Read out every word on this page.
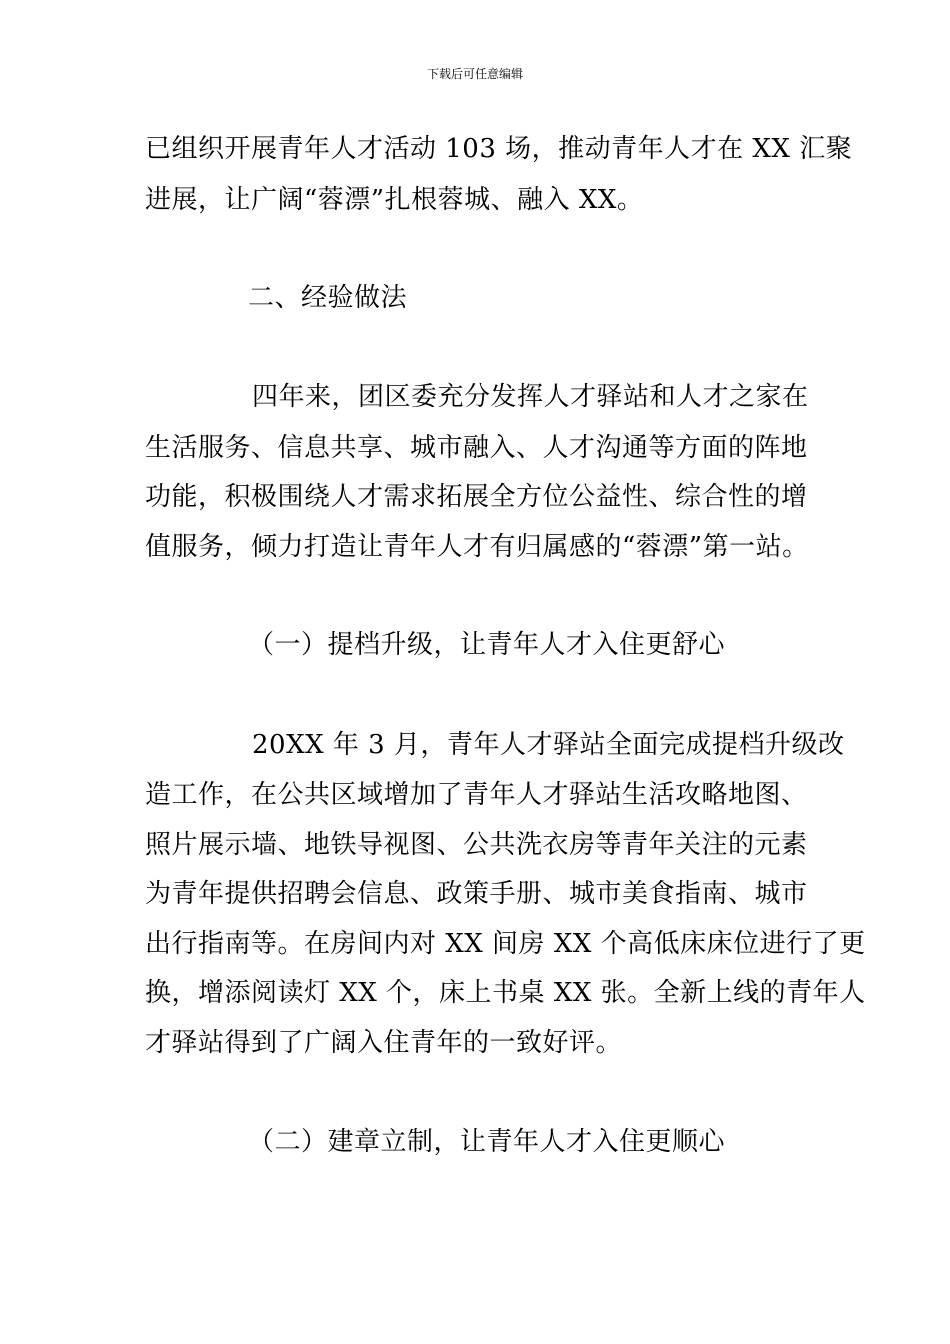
下载后可任意编辑
已组织开展青年人才活动 103 场，推动青年人才在 XX 汇聚
进展，让广阔“蓉漂”扎根蓉城、融入 XX。
二、经验做法
四年来，团区委充分发挥人才驿站和人才之家在
生活服务、信息共享、城市融入、人才沟通等方面的阵地
功能，积极围绕人才需求拓展全方位公益性、综合性的增
值服务，倾力打造让青年人才有归属感的“蓉漂”第一站。
（一）提档升级，让青年人才入住更舒心
20XX 年 3 月，青年人才驿站全面完成提档升级改
造工作，在公共区域增加了青年人才驿站生活攻略地图、
照片展示墙、地铁导视图、公共洗衣房等青年关注的元素
为青年提供招聘会信息、政策手册、城市美食指南、城市
出行指南等。在房间内对 XX 间房 XX 个高低床床位进行了更
换，增添阅读灯 XX 个，床上书桌 XX 张。全新上线的青年人
才驿站得到了广阔入住青年的一致好评。
（二）建章立制，让青年人才入住更顺心
